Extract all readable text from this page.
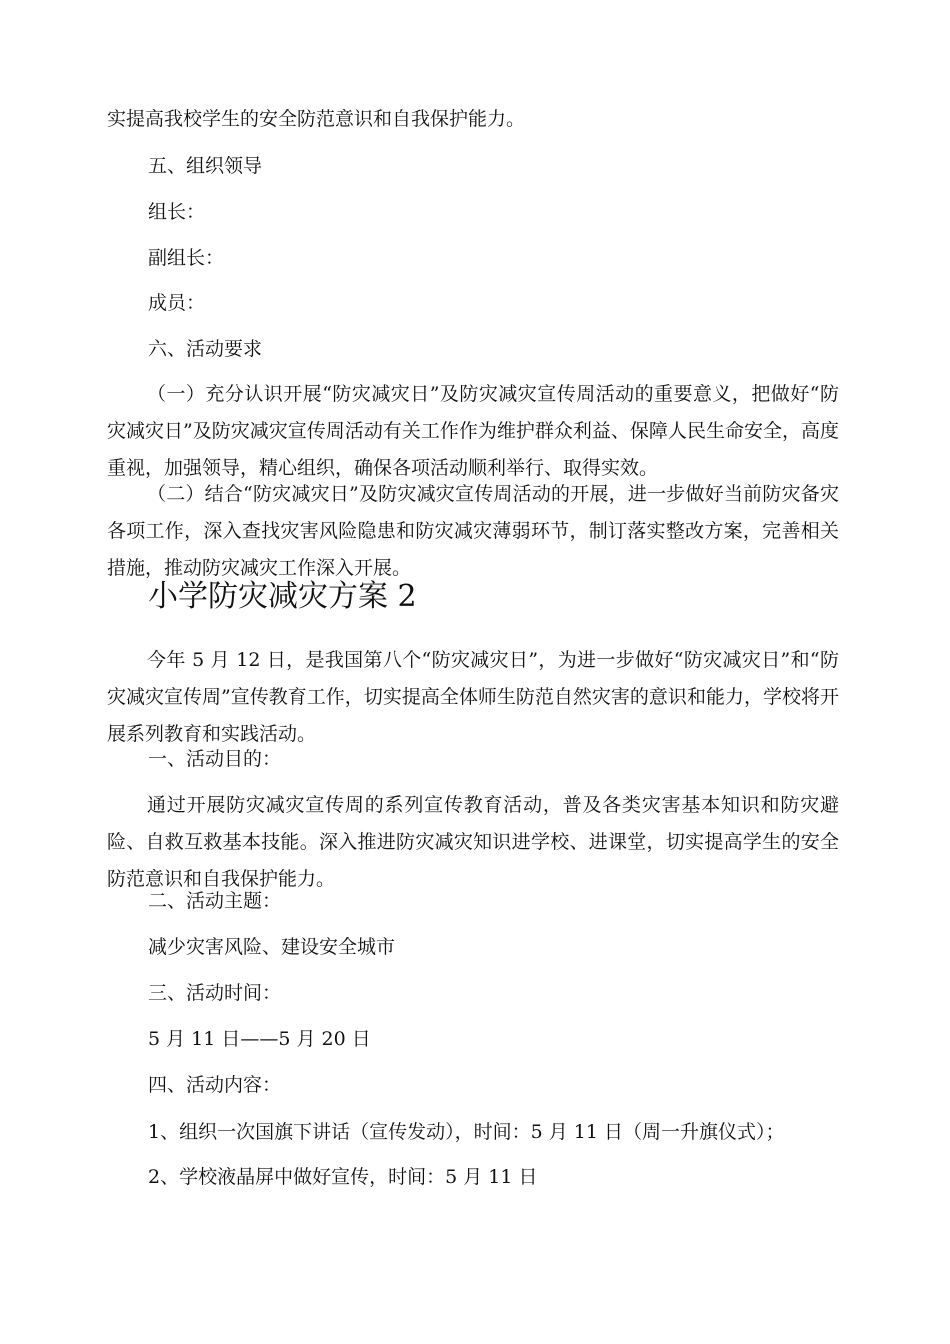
实提高我校学生的安全防范意识和自我保护能力。

五、组织领导

组长：

副组长：

成员：

六、活动要求

（一）充分认识开展“防灾减灾日”及防灾减灾宣传周活动的重要意义，把做好“防灾减灾日”及防灾减灾宣传周活动有关工作作为维护群众利益、保障人民生命安全，高度重视，加强领导，精心组织，确保各项活动顺利举行、取得实效。

（二）结合“防灾减灾日”及防灾减灾宣传周活动的开展，进一步做好当前防灾备灾各项工作，深入查找灾害风险隐患和防灾减灾薄弱环节，制订落实整改方案，完善相关措施，推动防灾减灾工作深入开展。

小学防灾减灾方案 2

今年 5 月 12 日，是我国第八个“防灾减灾日”，为进一步做好“防灾减灾日”和“防灾减灾宣传周”宣传教育工作，切实提高全体师生防范自然灾害的意识和能力，学校将开展系列教育和实践活动。

一、活动目的：

通过开展防灾减灾宣传周的系列宣传教育活动，普及各类灾害基本知识和防灾避险、自救互救基本技能。深入推进防灾减灾知识进学校、进课堂，切实提高学生的安全防范意识和自我保护能力。

二、活动主题：

减少灾害风险、建设安全城市

三、活动时间：

5 月 11 日——5 月 20 日

四、活动内容：

1、组织一次国旗下讲话（宣传发动），时间：5 月 11 日（周一升旗仪式）；

2、学校液晶屏中做好宣传，时间：5 月 11 日
